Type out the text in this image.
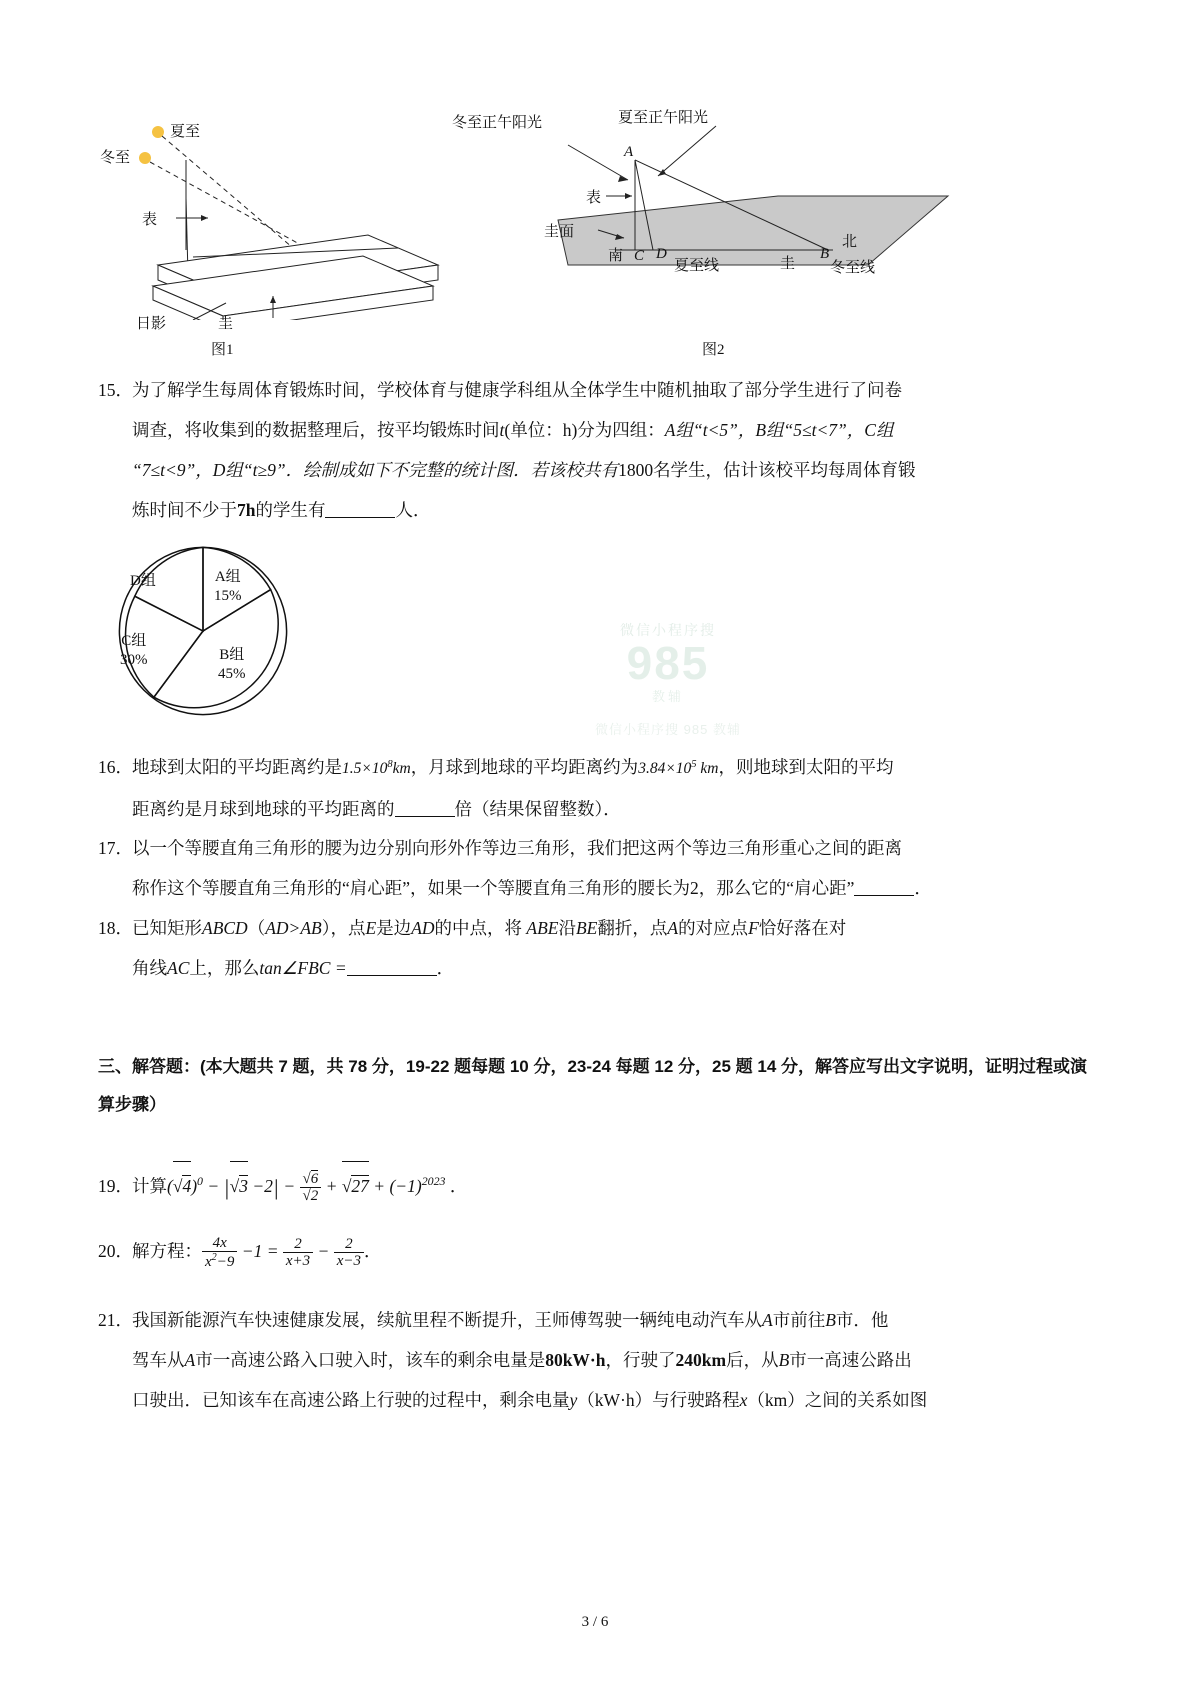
夏至
冬至
表
日影	圭
图1
冬至正午阳光	夏至正午阳光
A
表
圭面
南 C D
夏至线	圭
B
北
冬至线
图2

15．为了解学生每周体育锻炼时间，学校体育与健康学科组从全体学生中随机抽取了部分学生进行了问卷

调查，将收集到的数据整理后，按平均锻炼时间t(单位：h)分为四组：A组“t<5”，B组“5≤t<7”，C组

“7≤t<9”，D组“t≥9”．绘制成如下不完整的统计图．若该校共有1800名学生，估计该校平均每周体育锻

炼时间不少于7h的学生有	人．

A组
15%
B组
45%
C组
30%
D组
微信小程序搜
985
教辅
微信小程序搜 985 教辅

16．地球到太阳的平均距离约是$1.5\times 10^8km$，月球到地球的平均距离约为$3.84\times 10^5$ km，则地球到太阳的平均

距离约是月球到地球的平均距离的	倍（结果保留整数）．

17．以一个等腰直角三角形的腰为边分别向形外作等边三角形，我们把这两个等边三角形重心之间的距离

称作这个等腰直角三角形的“肩心距”，如果一个等腰直角三角形的腰长为2，那么它的“肩心距”	．

18．已知矩形ABCD（AD>AB），点E是边AD的中点，将 ABE沿BE翻折，点A的对应点F恰好落在对

角线AC上，那么tan∠FBC =	．

三、解答题：(本大题共 7 题，共 78 分，19-22 题每题 10 分，23-24 每题 12 分，25 题 14 分，解答应写出文字说明，证明过程或演算步骤）

19．计算$(√4)^0 - |√3 -2| - \frac{√6}{√2} + √27 + (-1)^{2023}$ ．

20．解方程： $\frac{4x}{x^2-9} -1 = \frac{2}{x+3} - \frac{2}{x-3}$ ．

21．我国新能源汽车快速健康发展，续航里程不断提升，王师傅驾驶一辆纯电动汽车从A市前往B市．他

驾车从A市一高速公路入口驶入时，该车的剩余电量是80kW·h，行驶了240km后，从B市一高速公路出

口驶出．已知该车在高速公路上行驶的过程中，剩余电量y（kW·h）与行驶路程x（km）之间的关系如图

3 / 6
